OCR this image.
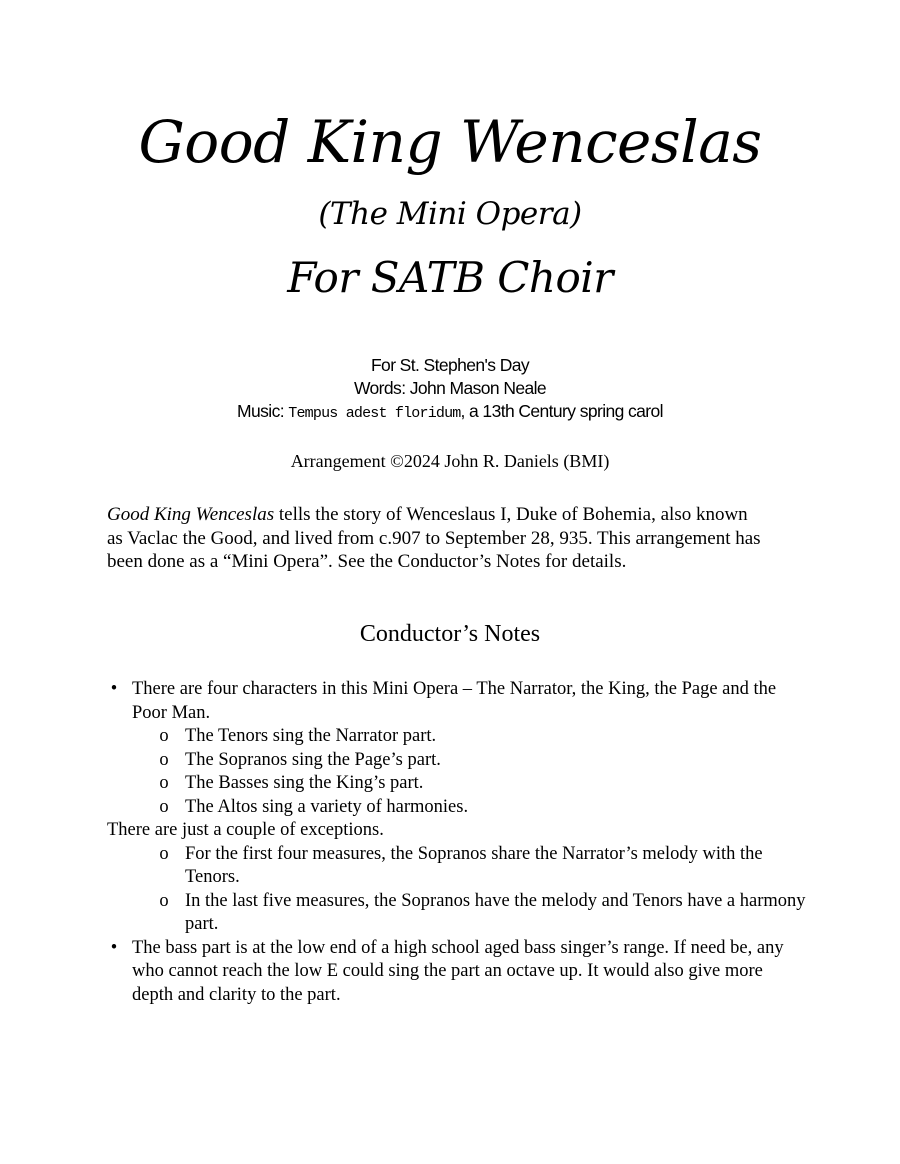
Good King Wenceslas
(The Mini Opera)
For SATB Choir
For St. Stephen's Day
Words: John Mason Neale
Music: Tempus adest floridum, a 13th Century spring carol
Arrangement ©2024 John R. Daniels (BMI)

Good King Wenceslas tells the story of Wenceslaus I, Duke of Bohemia, also known as Vaclac the Good, and lived from c.907 to September 28, 935. This arrangement has been done as a “Mini Opera”. See the Conductor’s Notes for details.

Conductor’s Notes
• There are four characters in this Mini Opera – The Narrator, the King, the Page and the Poor Man.
o The Tenors sing the Narrator part.
o The Sopranos sing the Page’s part.
o The Basses sing the King’s part.
o The Altos sing a variety of harmonies.
There are just a couple of exceptions.
o For the first four measures, the Sopranos share the Narrator’s melody with the Tenors.
o In the last five measures, the Sopranos have the melody and Tenors have a harmony part.
• The bass part is at the low end of a high school aged bass singer’s range. If need be, any who cannot reach the low E could sing the part an octave up. It would also give more depth and clarity to the part.
